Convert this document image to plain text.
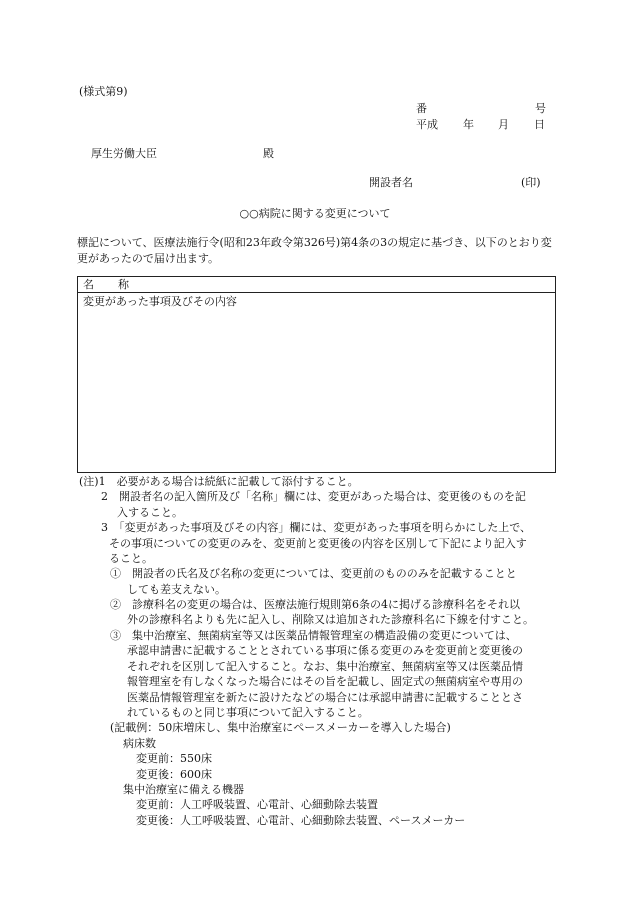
(様式第9)
番	号
平成 年 月 日
厚生労働大臣	殿
開設者名	(印)
○○病院に関する変更について
標記について、医療法施行令(昭和23年政令第326号)第4条の3の規定に基づき、以下のとおり変更があったので届け出ます。
名 称
変更があった事項及びその内容
(注)1　必要がある場合は続紙に記載して添付すること。
2　開設者名の記入箇所及び「名称」欄には、変更があった場合は、変更後のものを記
入すること。
3　「変更があった事項及びその内容」欄には、変更があった事項を明らかにした上で、
その事項についての変更のみを、変更前と変更後の内容を区別して下記により記入す
ること。
①　開設者の氏名及び名称の変更については、変更前のもののみを記載することと
しても差支えない。
②　診療科名の変更の場合は、医療法施行規則第6条の4に掲げる診療科名をそれ以
外の診療科名よりも先に記入し、削除又は追加された診療科名に下線を付すこと。
③　集中治療室、無菌病室等又は医薬品情報管理室の構造設備の変更については、
承認申請書に記載することとされている事項に係る変更のみを変更前と変更後の
それぞれを区別して記入すること。なお、集中治療室、無菌病室等又は医薬品情
報管理室を有しなくなった場合にはその旨を記載し、固定式の無菌病室や専用の
医薬品情報管理室を新たに設けたなどの場合には承認申請書に記載することとさ
れているものと同じ事項について記入すること。
(記載例：50床増床し、集中治療室にペースメーカーを導入した場合)
病床数
変更前：550床
変更後：600床
集中治療室に備える機器
変更前：人工呼吸装置、心電計、心細動除去装置
変更後：人工呼吸装置、心電計、心細動除去装置、ペースメーカー
